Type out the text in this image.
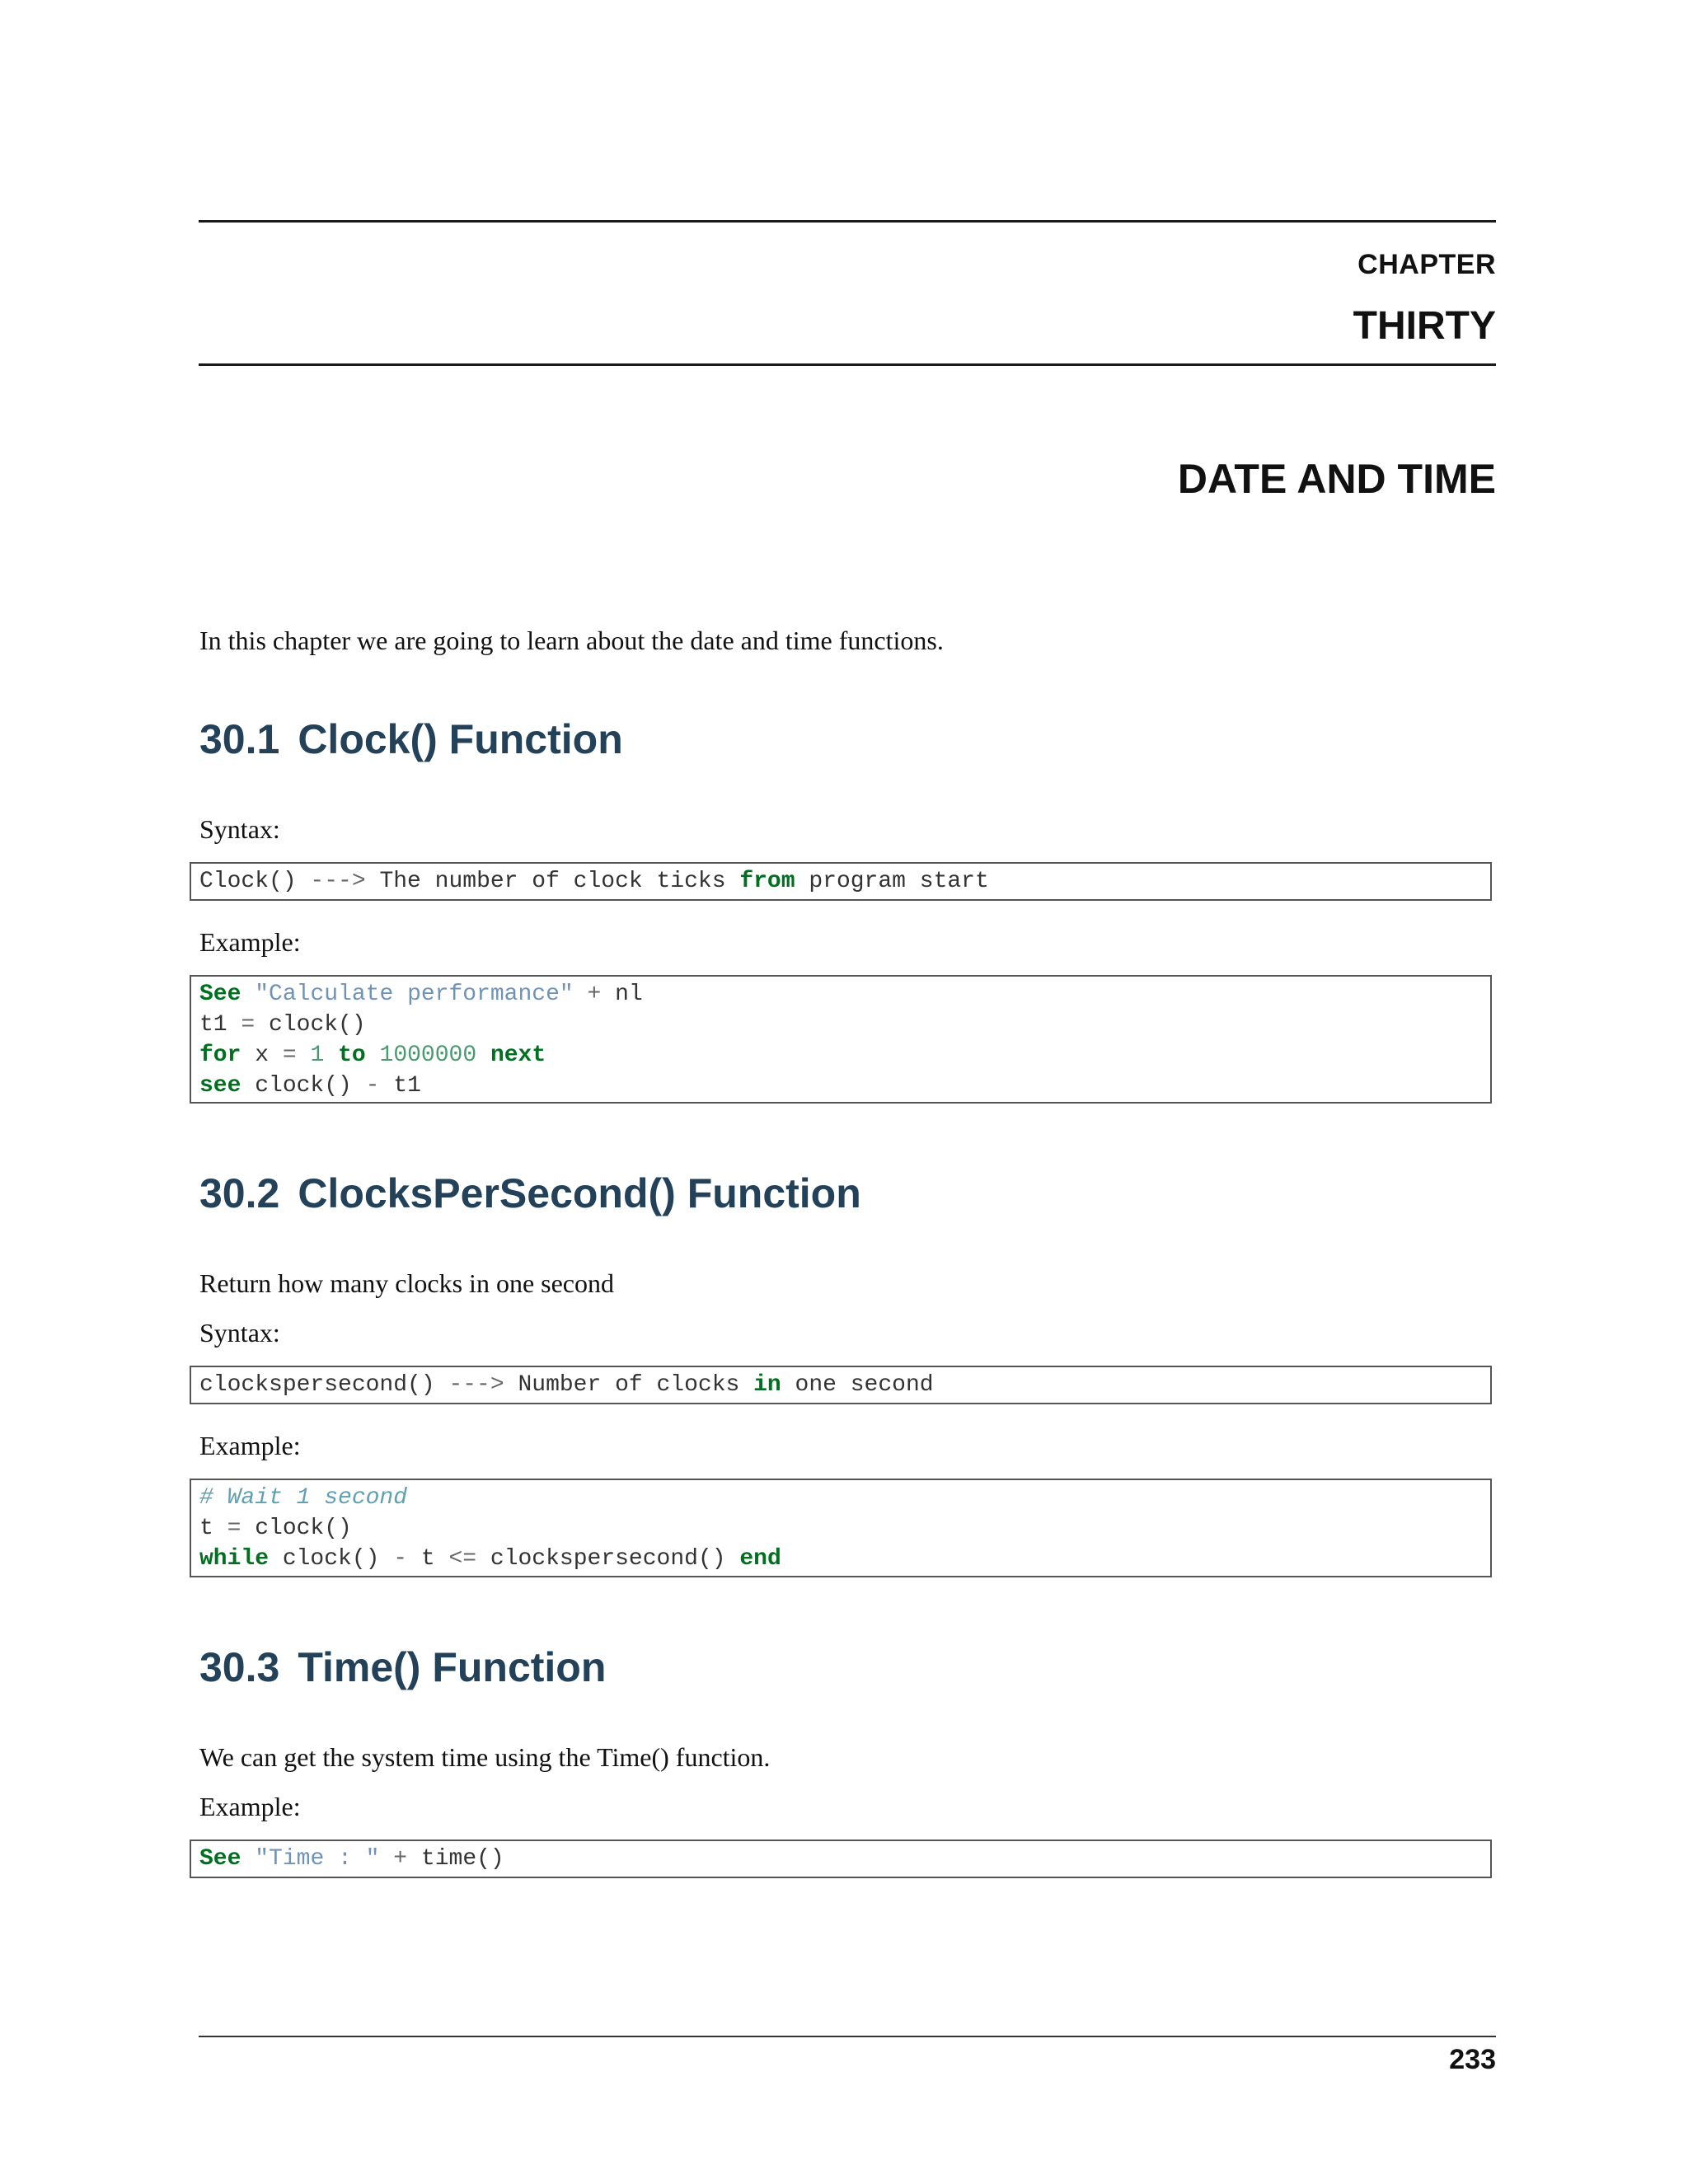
CHAPTER
THIRTY
DATE AND TIME
In this chapter we are going to learn about the date and time functions.
30.1 Clock() Function
Syntax:
Clock() ---> The number of clock ticks from program start
Example:
See "Calculate performance" + nl
t1 = clock()
for x = 1 to 1000000 next
see clock() - t1
30.2 ClocksPerSecond() Function
Return how many clocks in one second
Syntax:
clockspersecond() ---> Number of clocks in one second
Example:
# Wait 1 second
t = clock()
while clock() - t <= clockspersecond() end
30.3 Time() Function
We can get the system time using the Time() function.
Example:
See "Time : " + time()
233
